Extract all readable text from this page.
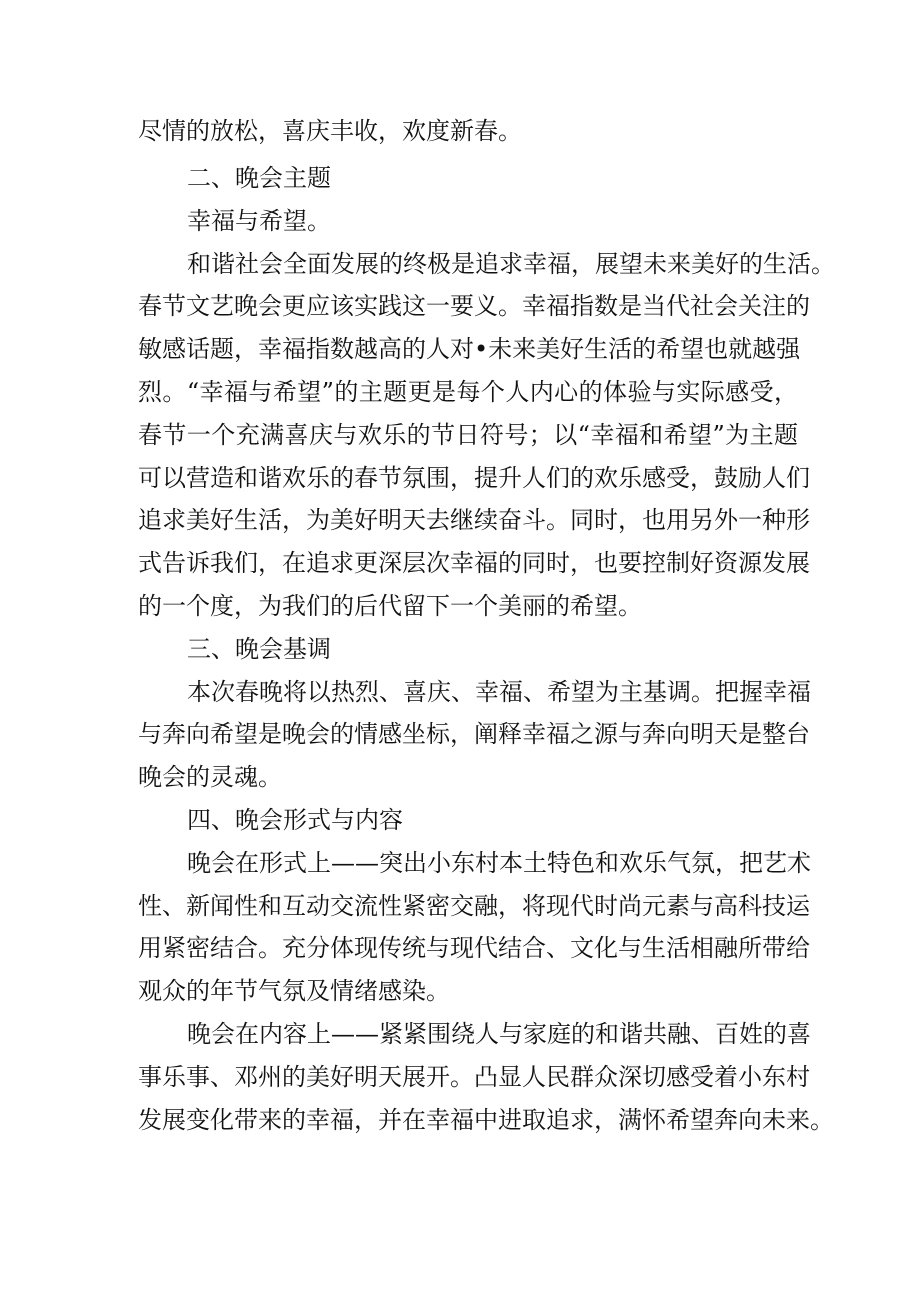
尽情的放松，喜庆丰收，欢度新春。
二、晚会主题
幸福与希望。
和谐社会全面发展的终极是追求幸福，展望未来美好的生活。
春节文艺晚会更应该实践这一要义。幸福指数是当代社会关注的
敏感话题，幸福指数越高的人对•未来美好生活的希望也就越强
烈。“幸福与希望”的主题更是每个人内心的体验与实际感受，
春节一个充满喜庆与欢乐的节日符号；以“幸福和希望”为主题
可以营造和谐欢乐的春节氛围，提升人们的欢乐感受，鼓励人们
追求美好生活，为美好明天去继续奋斗。同时，也用另外一种形
式告诉我们，在追求更深层次幸福的同时，也要控制好资源发展
的一个度，为我们的后代留下一个美丽的希望。
三、晚会基调
本次春晚将以热烈、喜庆、幸福、希望为主基调。把握幸福
与奔向希望是晚会的情感坐标，阐释幸福之源与奔向明天是整台
晚会的灵魂。
四、晚会形式与内容
晚会在形式上——突出小东村本土特色和欢乐气氛，把艺术
性、新闻性和互动交流性紧密交融，将现代时尚元素与高科技运
用紧密结合。充分体现传统与现代结合、文化与生活相融所带给
观众的年节气氛及情绪感染。
晚会在内容上——紧紧围绕人与家庭的和谐共融、百姓的喜
事乐事、邓州的美好明天展开。凸显人民群众深切感受着小东村
发展变化带来的幸福，并在幸福中进取追求，满怀希望奔向未来。
